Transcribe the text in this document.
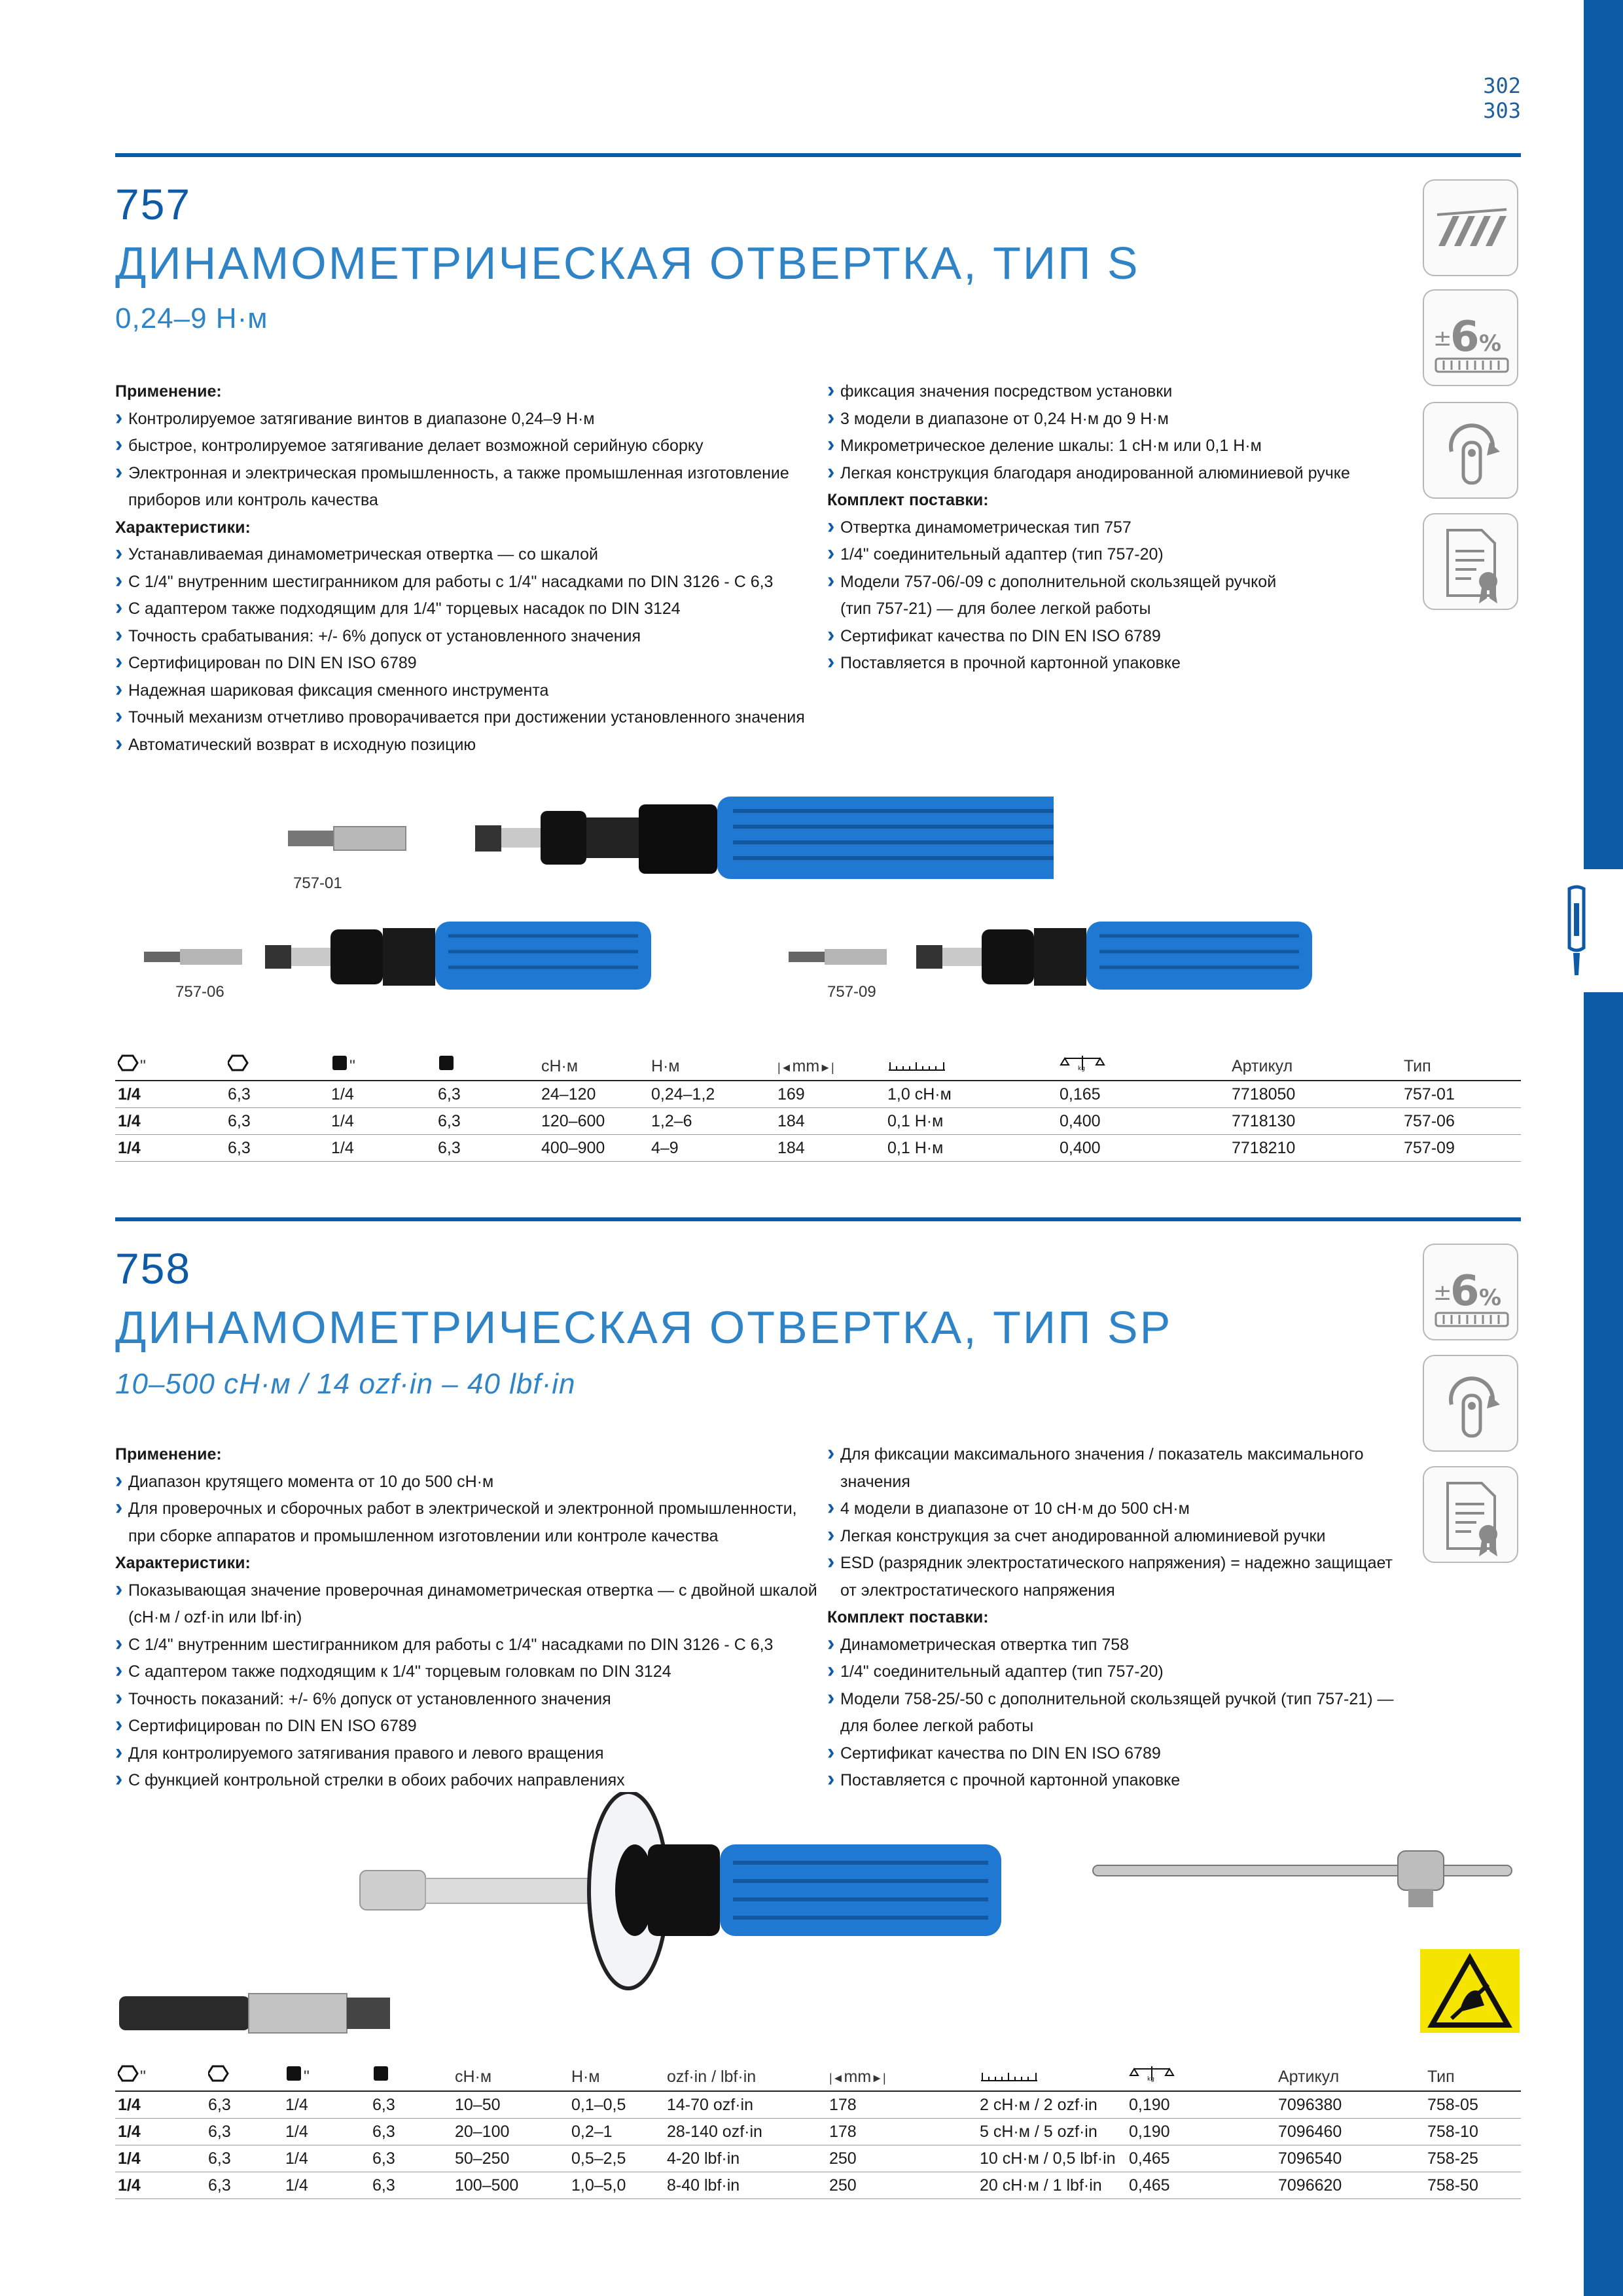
302
303
757
ДИНАМОМЕТРИЧЕСКАЯ ОТВЕРТКА, ТИП S
0,24–9 Н·м
Применение:
› Контролируемое затягивание винтов в диапазоне 0,24–9 Н·м
› быстрое, контролируемое затягивание делает возможной серийную сборку
› Электронная и электрическая промышленность, а также промышленная изготовление
приборов или контроль качества
Характеристики:
› Устанавливаемая динамометрическая отвертка — со шкалой
› С 1/4" внутренним шестигранником для работы с 1/4" насадками по DIN 3126 - С 6,3
› С адаптером также подходящим для 1/4" торцевых насадок по DIN 3124
› Точность срабатывания: +/- 6% допуск от установленного значения
› Сертифицирован по DIN EN ISO 6789
› Надежная шариковая фиксация сменного инструмента
› Точный механизм отчетливо проворачивается при достижении установленного значения
› Автоматический возврат в исходную позицию
› фиксация значения посредством установки
› 3 модели в диапазоне от 0,24 Н·м до 9 Н·м
› Микрометрическое деление шкалы: 1 сН·м или 0,1 Н·м
› Легкая конструкция благодаря анодированной алюминиевой ручке
Комплект поставки:
› Отвертка динамометрическая тип 757
› 1/4" соединительный адаптер (тип 757-20)
› Модели 757-06/-09 с дополнительной скользящей ручкой
(тип 757-21) — для более легкой работы
› Сертификат качества по DIN EN ISO 6789
› Поставляется в прочной картонной упаковке
±
6 %
757-01
757-06	757-09
"		"		сН·м	Н·м	|◄mm►|		kg	Артикул	Тип
1/4	6,3	1/4	6,3	24–120	0,24–1,2	169	1,0 сН·м	0,165	7718050	757-01
1/4	6,3	1/4	6,3	120–600	1,2–6	184	0,1 Н·м	0,400	7718130	757-06
1/4	6,3	1/4	6,3	400–900	4–9	184	0,1 Н·м	0,400	7718210	757-09
758
ДИНАМОМЕТРИЧЕСКАЯ ОТВЕРТКА, ТИП SP
10–500 сН·м / 14 ozf·in – 40 lbf·in
Применение:
› Диапазон крутящего момента от 10 до 500 сН·м
› Для проверочных и сборочных работ в электрической и электронной промышленности,
при сборке аппаратов и промышленном изготовлении или контроле качества
Характеристики:
› Показывающая значение проверочная динамометрическая отвертка — с двойной шкалой
(сН·м / ozf·in или lbf·in)
› С 1/4" внутренним шестигранником для работы с 1/4" насадками по DIN 3126 - С 6,3
› С адаптером также подходящим к 1/4" торцевым головкам по DIN 3124
› Точность показаний: +/- 6% допуск от установленного значения
› Сертифицирован по DIN EN ISO 6789
› Для контролируемого затягивания правого и левого вращения
› С функцией контрольной стрелки в обоих рабочих направлениях
› Для фиксации максимального значения / показатель максимального
значения
› 4 модели в диапазоне от 10 сН·м до 500 сН·м
› Легкая конструкция за счет анодированной алюминиевой ручки
› ESD (разрядник электростатического напряжения) = надежно защищает
от электростатического напряжения
Комплект поставки:
› Динамометрическая отвертка тип 758
› 1/4" соединительный адаптер (тип 757-20)
› Модели 758-25/-50 с дополнительной скользящей ручкой (тип 757-21) —
для более легкой работы
› Сертификат качества по DIN EN ISO 6789
› Поставляется с прочной картонной упаковке
±
6 %
"		"		сН·м	Н·м	ozf·in / lbf·in	|◄mm►|		kg	Артикул	Тип
1/4	6,3	1/4	6,3	10–50	0,1–0,5	14-70 ozf·in	178	2 сН·м / 2 ozf·in	0,190	7096380	758-05
1/4	6,3	1/4	6,3	20–100	0,2–1	28-140 ozf·in	178	5 сН·м / 5 ozf·in	0,190	7096460	758-10
1/4	6,3	1/4	6,3	50–250	0,5–2,5	4-20 lbf·in	250	10 сН·м / 0,5 lbf·in	0,465	7096540	758-25
1/4	6,3	1/4	6,3	100–500	1,0–5,0	8-40 lbf·in	250	20 сН·м / 1 lbf·in	0,465	7096620	758-50
